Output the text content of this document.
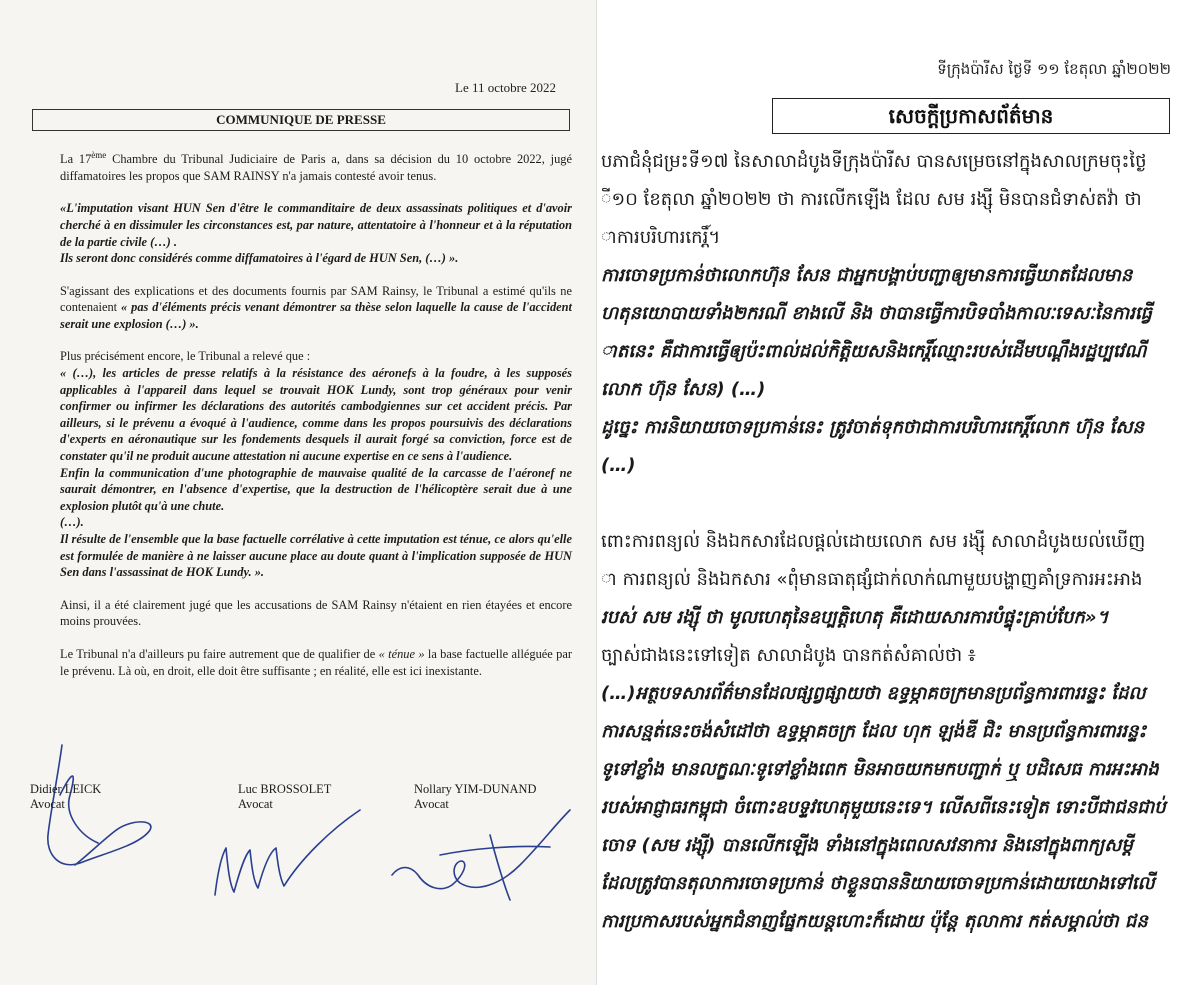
Le 11 octobre 2022
COMMUNIQUE DE PRESSE

La 17ème Chambre du Tribunal Judiciaire de Paris a, dans sa décision du 10 octobre 2022, jugé diffamatoires les propos que SAM RAINSY n'a jamais contesté avoir tenus.

«L'imputation visant HUN Sen d'être le commanditaire de deux assassinats politiques et d'avoir cherché à en dissimuler les circonstances est, par nature, attentatoire à l'honneur et à la réputation de la partie civile (…) .

Ils seront donc considérés comme diffamatoires à l'égard de HUN Sen, (…) ».

S'agissant des explications et des documents fournis par SAM Rainsy, le Tribunal a estimé qu'ils ne contenaient « pas d'éléments précis venant démontrer sa thèse selon laquelle la cause de l'accident serait une explosion (…) ».

Plus précisément encore, le Tribunal a relevé que :

« (…), les articles de presse relatifs à la résistance des aéronefs à la foudre, à les supposés applicables à l'appareil dans lequel se trouvait HOK Lundy, sont trop généraux pour venir confirmer ou infirmer les déclarations des autorités cambodgiennes sur cet accident précis. Par ailleurs, si le prévenu a évoqué à l'audience, comme dans les propos poursuivis des déclarations d'experts en aéronautique sur les fondements desquels il aurait forgé sa conviction, force est de constater qu'il ne produit aucune attestation ni aucune expertise en ce sens à l'audience.

Enfin la communication d'une photographie de mauvaise qualité de la carcasse de l'aéronef ne saurait démontrer, en l'absence d'expertise, que la destruction de l'hélicoptère serait due à une explosion plutôt qu'à une chute.

(…).

Il résulte de l'ensemble que la base factuelle corrélative à cette imputation est ténue, ce alors qu'elle est formulée de manière à ne laisser aucune place au doute quant à l'implication supposée de HUN Sen dans l'assassinat de HOK Lundy. ».

Ainsi, il a été clairement jugé que les accusations de SAM Rainsy n'étaient en rien étayées et encore moins prouvées.

Le Tribunal n'a d'ailleurs pu faire autrement que de qualifier de « ténue » la base factuelle alléguée par le prévenu. Là où, en droit, elle doit être suffisante ; en réalité, elle est ici inexistante.

Didier LEICK
Avocat
Luc BROSSOLET
Avocat
Nollary YIM-DUNAND
Avocat
ទីក្រុងប៉ារីស ថ្ងៃទី ១១ ខែតុលា ឆ្នាំ២០២២
សេចក្តីប្រកាសព័ត៌មាន

បភាជំនុំជម្រះទី១៧ នៃសាលាដំបូងទីក្រុងប៉ារីស បានសម្រេចនៅក្នុងសាលក្រមចុះថ្ងៃ

ី១០ ខែតុលា ឆ្នាំ២០២២ ថា ការលើកឡើង ដែល សម រង្ស៊ី មិនបានជំទាស់តវ៉ា ថា

ាការបរិហារកេរ្តិ៍។

ការចោទប្រកាន់ថាលោកហ៊ុន សែន ជាអ្នកបង្គាប់បញ្ជាឲ្យមានការធ្វើឃាតដែលមាន

ហតុនយោបាយទាំង២ករណី ខាងលើ និង ថាបានធ្វើការបិទបាំងកាលៈទេសៈនៃការធ្វើ

ាតនេះ គឺជាការធ្វើឲ្យប៉ះពាល់ដល់កិត្តិយសនិងកេរ្តិ៍ឈ្មោះរបស់ដើមបណ្តឹងរដ្ឋប្បវេណី

លោក ហ៊ុន សែន) (…)

ដូច្នេះ ការនិយាយចោទប្រកាន់នេះ ត្រូវចាត់ទុកថាជាការបរិហារកេរ្តិ៍លោក ហ៊ុន សែន

(…)

ពោះការពន្យល់ និងឯកសារដែលផ្តល់ដោយលោក សម រង្ស៊ី សាលាដំបូងយល់ឃើញ

ា ការពន្យល់ និងឯកសារ «ពុំមានធាតុផ្សំជាក់លាក់ណាមួយបង្ហាញគាំទ្រការអះអាង

របស់ សម រង្ស៊ី ថា មូលហេតុនៃឧប្បត្តិហេតុ គឺដោយសារការបំផ្ទុះគ្រាប់បែក»។

ច្បាស់ជាងនេះទៅទៀត សាលាដំបូង បានកត់សំគាល់ថា ៖

(…)អត្ថបទសារព័ត៌មានដែលផ្សព្វផ្សាយថា ឧទ្ធម្ភាគចក្រមានប្រព័ន្ធការពាររន្ទះ ដែល

ការសន្មត់នេះចង់សំដៅថា ឧទ្ធម្ភាគចក្រ ដែល ហុក ឡង់ឌី ជិះ មានប្រព័ន្ធការពាររន្ទះ

ទូទៅខ្លាំង មានលក្ខណៈទូទៅខ្លាំងពេក មិនអាចយកមកបញ្ជាក់ ឬ បដិសេធ ការអះអាង

របស់អាជ្ញាធរកម្ពុជា ចំពោះឧបទ្ទវហេតុមួយនេះទេ។ លើសពីនេះទៀត ទោះបីជាជនជាប់

ចោទ (សម រង្ស៊ី) បានលើកឡើង ទាំងនៅក្នុងពេលសវនាការ និងនៅក្នុងពាក្យសម្តី

ដែលត្រូវបានតុលាការចោទប្រកាន់ ថាខ្លួនបាននិយាយចោទប្រកាន់ដោយយោងទៅលើ

ការប្រកាសរបស់អ្នកជំនាញផ្នែកយន្តហោះក៏ដោយ ប៉ុន្តែ តុលាការ កត់សម្គាល់ថា ជន
